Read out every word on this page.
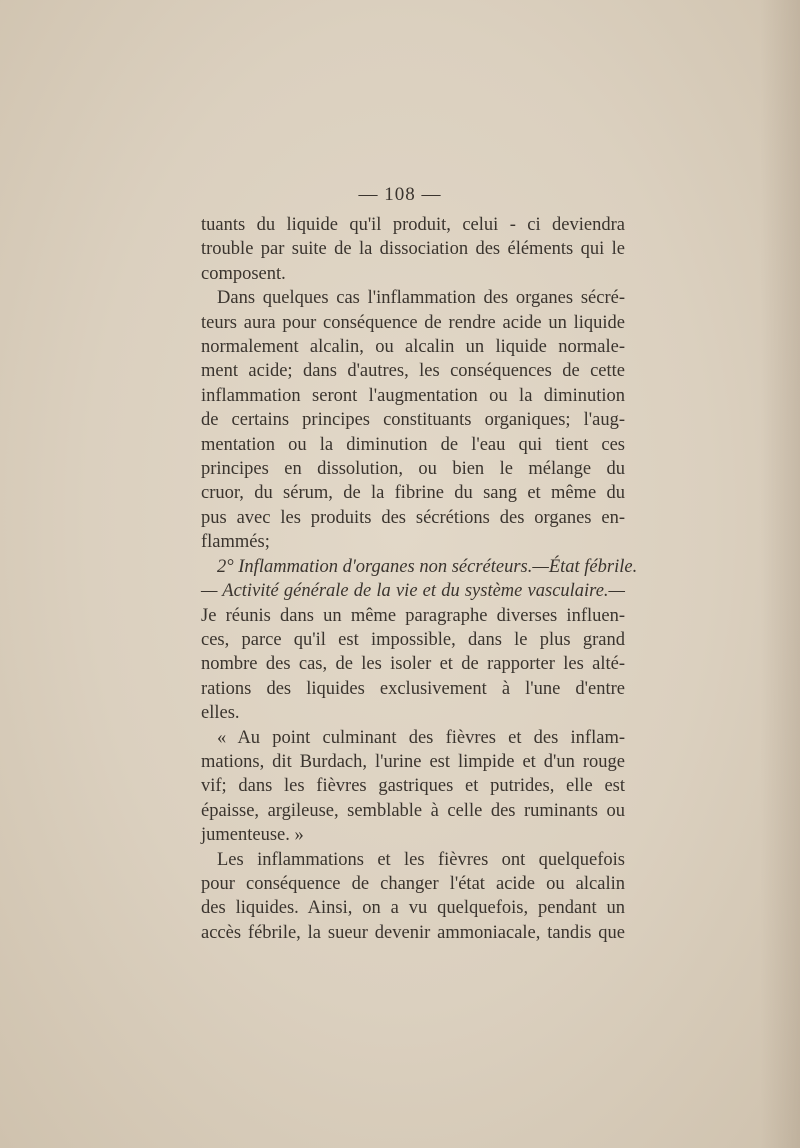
— 108 —
tuants du liquide qu'il produit, celui - ci deviendra
trouble par suite de la dissociation des éléments qui le
composent.
Dans quelques cas l'inflammation des organes sécré-
teurs aura pour conséquence de rendre acide un liquide
normalement alcalin, ou alcalin un liquide normale-
ment acide; dans d'autres, les conséquences de cette
inflammation seront l'augmentation ou la diminution
de certains principes constituants organiques; l'aug-
mentation ou la diminution de l'eau qui tient ces
principes en dissolution, ou bien le mélange du
cruor, du sérum, de la fibrine du sang et même du
pus avec les produits des sécrétions des organes en-
flammés;
2° Inflammation d'organes non sécréteurs.—État fébrile.
— Activité générale de la vie et du système vasculaire.—
Je réunis dans un même paragraphe diverses influen-
ces, parce qu'il est impossible, dans le plus grand
nombre des cas, de les isoler et de rapporter les alté-
rations des liquides exclusivement à l'une d'entre
elles.
« Au point culminant des fièvres et des inflam-
mations, dit Burdach, l'urine est limpide et d'un rouge
vif; dans les fièvres gastriques et putrides, elle est
épaisse, argileuse, semblable à celle des ruminants ou
jumenteuse. »
Les inflammations et les fièvres ont quelquefois
pour conséquence de changer l'état acide ou alcalin
des liquides. Ainsi, on a vu quelquefois, pendant un
accès fébrile, la sueur devenir ammoniacale, tandis que
